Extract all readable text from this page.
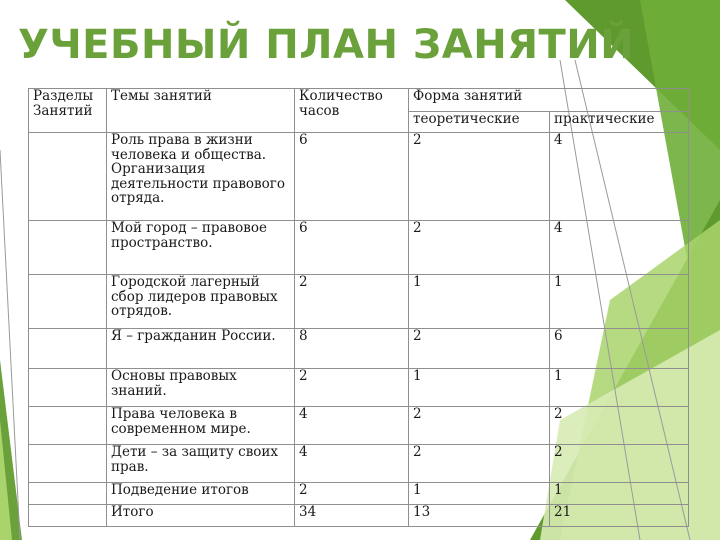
УЧЕБНЫЙ ПЛАН ЗАНЯТИЙ
Разделы Занятий	Темы занятий	Количество часов	Форма занятий	
			теоретические	практические
	Роль права в жизни человека и общества. Организация деятельности правового отряда.	6	2	4
	Мой город – правовое пространство.	6	2	4
	Городской лагерный сбор лидеров правовых отрядов.	2	1	1
	Я – гражданин России.	8	2	6
	Основы правовых знаний.	2	1	1
	Права человека в современном мире.	4	2	2
	Дети – за защиту своих прав.	4	2	2
	Подведение итогов	2	1	1
	Итого	34	13	21
